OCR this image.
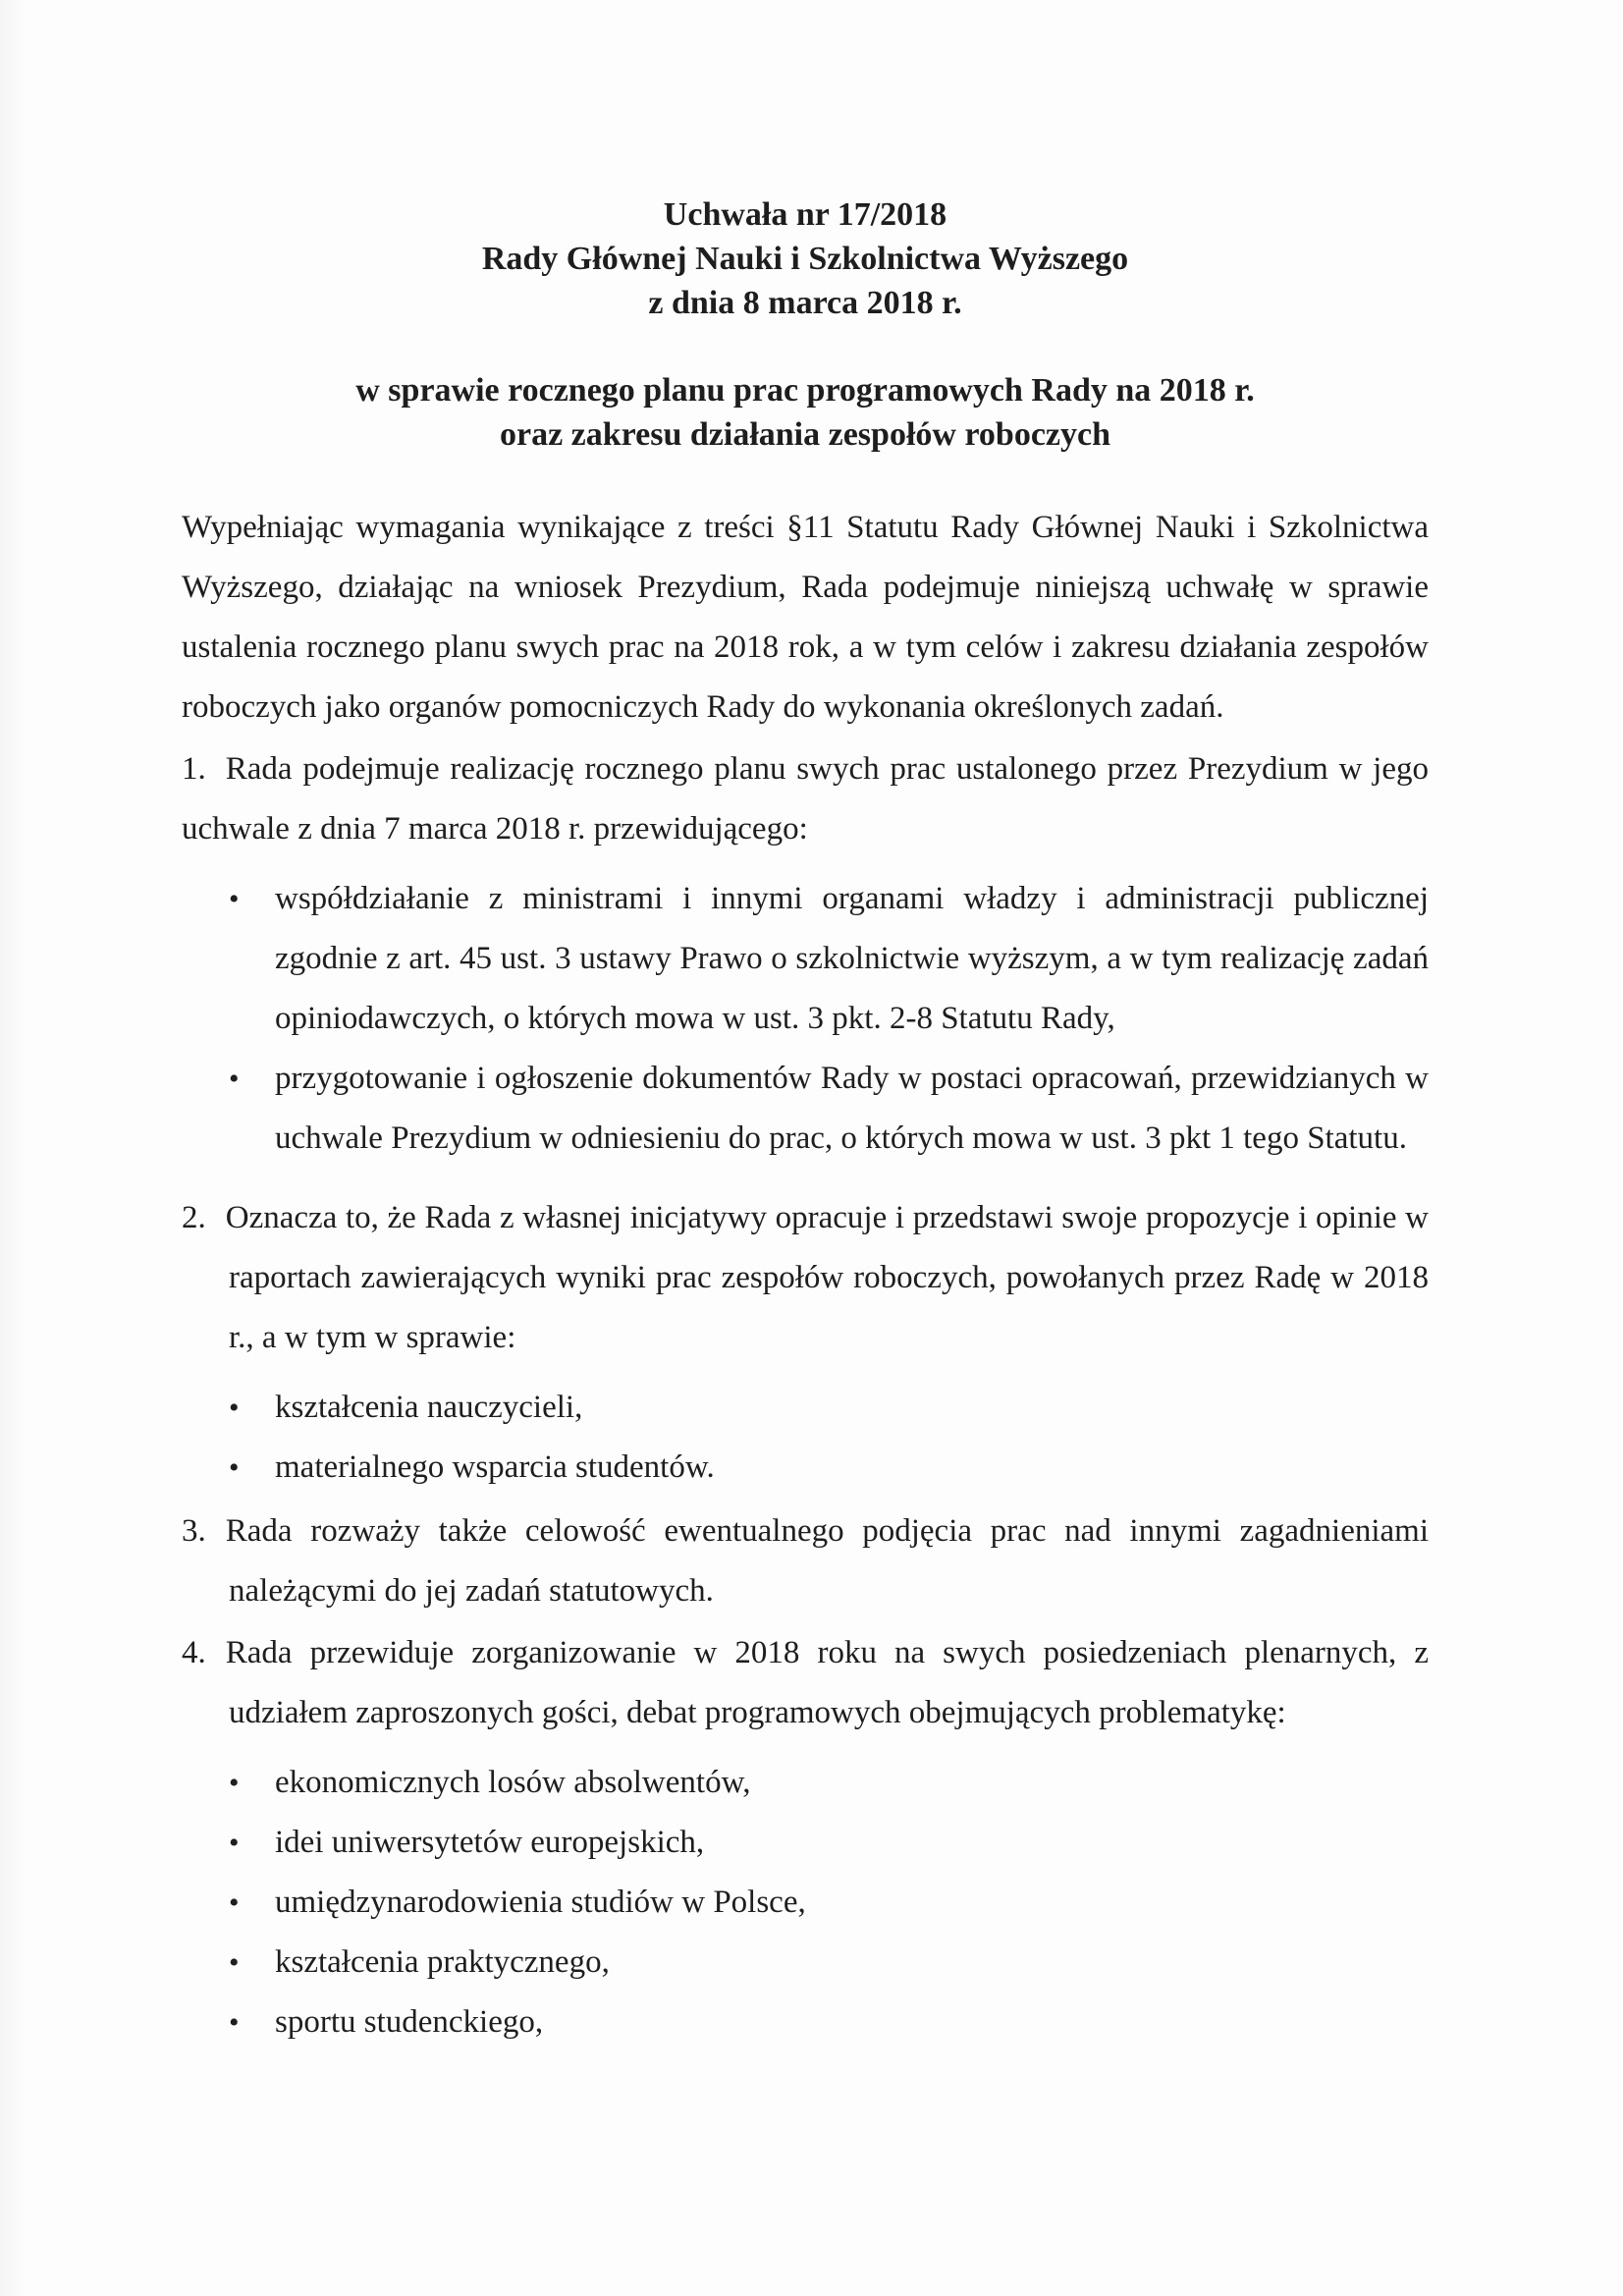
Uchwała nr 17/2018
Rady Głównej Nauki i Szkolnictwa Wyższego
z dnia 8 marca 2018 r.
w sprawie rocznego planu prac programowych Rady na 2018 r.
oraz zakresu działania zespołów roboczych
Wypełniając wymagania wynikające z treści §11 Statutu Rady Głównej Nauki i Szkolnictwa Wyższego, działając na wniosek Prezydium, Rada podejmuje niniejszą uchwałę w sprawie ustalenia rocznego planu swych prac na 2018 rok, a w tym celów i zakresu działania zespołów roboczych jako organów pomocniczych Rady do wykonania określonych zadań.
1. Rada podejmuje realizację rocznego planu swych prac ustalonego przez Prezydium w jego uchwale z dnia 7 marca 2018 r. przewidującego:
• współdziałanie z ministrami i innymi organami władzy i administracji publicznej zgodnie z art. 45 ust. 3 ustawy Prawo o szkolnictwie wyższym, a w tym realizację zadań opiniodawczych, o których mowa w ust. 3 pkt. 2-8 Statutu Rady,
• przygotowanie i ogłoszenie dokumentów Rady w postaci opracowań, przewidzianych w uchwale Prezydium w odniesieniu do prac, o których mowa w ust. 3 pkt 1 tego Statutu.
2. Oznacza to, że Rada z własnej inicjatywy opracuje i przedstawi swoje propozycje i opinie w raportach zawierających wyniki prac zespołów roboczych, powołanych przez Radę w 2018 r., a w tym w sprawie:
• kształcenia nauczycieli,
• materialnego wsparcia studentów.
3. Rada rozważy także celowość ewentualnego podjęcia prac nad innymi zagadnieniami należącymi do jej zadań statutowych.
4. Rada przewiduje zorganizowanie w 2018 roku na swych posiedzeniach plenarnych, z udziałem zaproszonych gości, debat programowych obejmujących problematykę:
• ekonomicznych losów absolwentów,
• idei uniwersytetów europejskich,
• umiędzynarodowienia studiów w Polsce,
• kształcenia praktycznego,
• sportu studenckiego,
